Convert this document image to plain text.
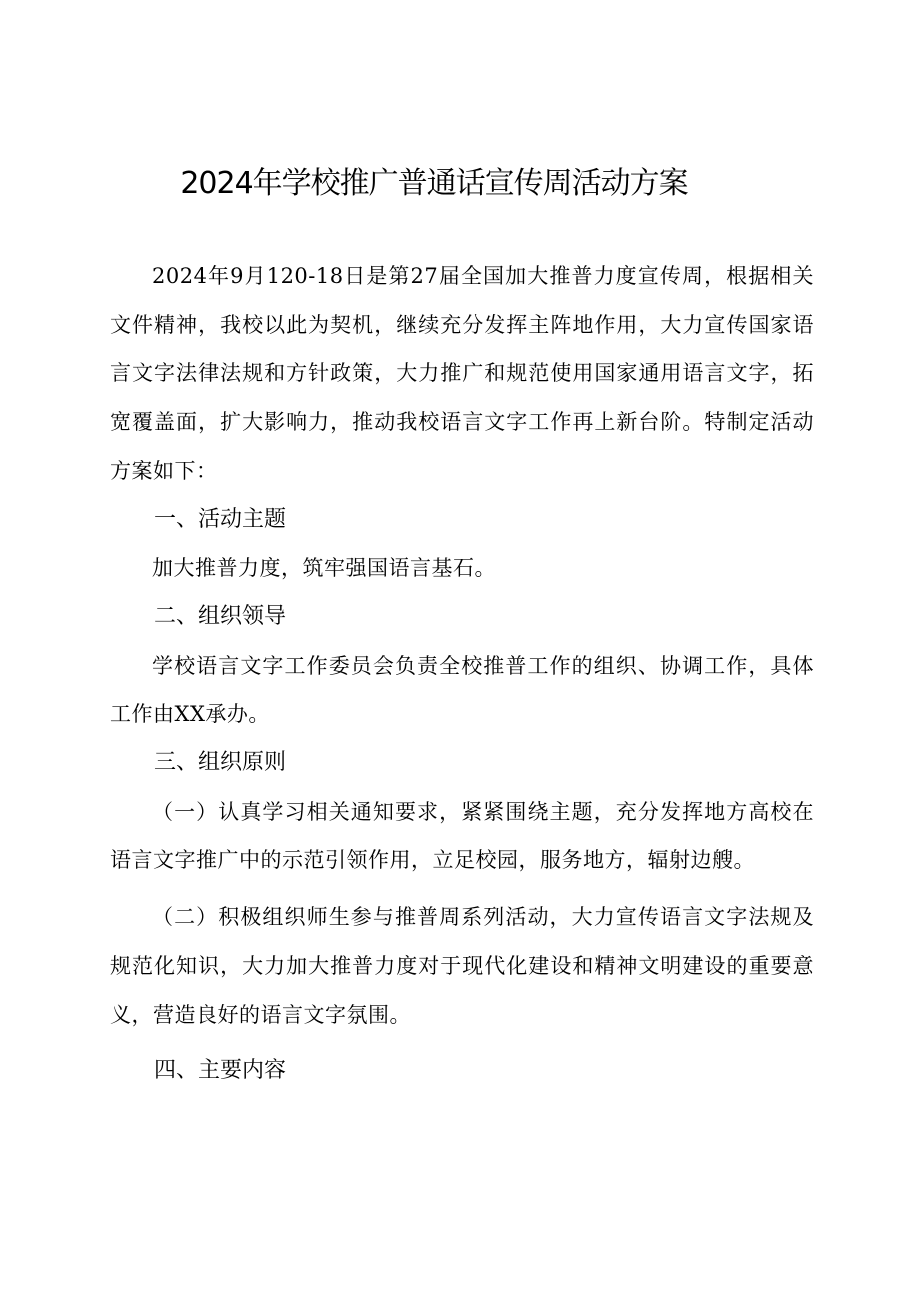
2024年学校推广普通话宣传周活动方案

2024年9月120-18日是第27届全国加大推普力度宣传周，根据相关文件精神，我校以此为契机，继续充分发挥主阵地作用，大力宣传国家语言文字法律法规和方针政策，大力推广和规范使用国家通用语言文字，拓宽覆盖面，扩大影响力，推动我校语言文字工作再上新台阶。特制定活动方案如下：

一、活动主题

加大推普力度，筑牢强国语言基石。

二、组织领导

学校语言文字工作委员会负责全校推普工作的组织、协调工作，具体工作由XX承办。

三、组织原则

（一）认真学习相关通知要求，紧紧围绕主题，充分发挥地方高校在语言文字推广中的示范引领作用，立足校园，服务地方，辐射边艘。

（二）积极组织师生参与推普周系列活动，大力宣传语言文字法规及规范化知识，大力加大推普力度对于现代化建设和精神文明建设的重要意义，营造良好的语言文字氛围。

四、主要内容
